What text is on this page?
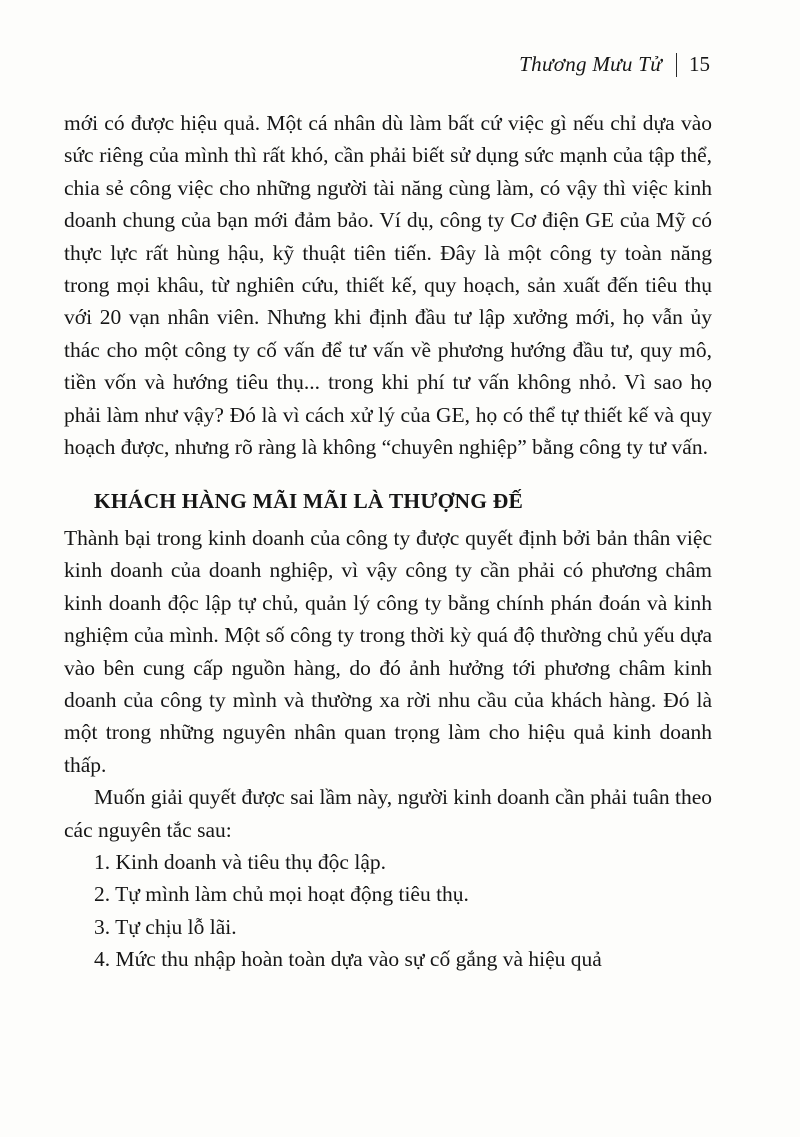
Thương Mưu Tử 15

mới có được hiệu quả. Một cá nhân dù làm bất cứ việc gì nếu chỉ dựa vào sức riêng của mình thì rất khó, cần phải biết sử dụng sức mạnh của tập thể, chia sẻ công việc cho những người tài năng cùng làm, có vậy thì việc kinh doanh chung của bạn mới đảm bảo. Ví dụ, công ty Cơ điện GE của Mỹ có thực lực rất hùng hậu, kỹ thuật tiên tiến. Đây là một công ty toàn năng trong mọi khâu, từ nghiên cứu, thiết kế, quy hoạch, sản xuất đến tiêu thụ với 20 vạn nhân viên. Nhưng khi định đầu tư lập xưởng mới, họ vẫn ủy thác cho một công ty cố vấn để tư vấn về phương hướng đầu tư, quy mô, tiền vốn và hướng tiêu thụ... trong khi phí tư vấn không nhỏ. Vì sao họ phải làm như vậy? Đó là vì cách xử lý của GE, họ có thể tự thiết kế và quy hoạch được, nhưng rõ ràng là không “chuyên nghiệp” bằng công ty tư vấn.

KHÁCH HÀNG MÃI MÃI LÀ THƯỢNG ĐẾ

Thành bại trong kinh doanh của công ty được quyết định bởi bản thân việc kinh doanh của doanh nghiệp, vì vậy công ty cần phải có phương châm kinh doanh độc lập tự chủ, quản lý công ty bằng chính phán đoán và kinh nghiệm của mình. Một số công ty trong thời kỳ quá độ thường chủ yếu dựa vào bên cung cấp nguồn hàng, do đó ảnh hưởng tới phương châm kinh doanh của công ty mình và thường xa rời nhu cầu của khách hàng. Đó là một trong những nguyên nhân quan trọng làm cho hiệu quả kinh doanh thấp.

Muốn giải quyết được sai lầm này, người kinh doanh cần phải tuân theo các nguyên tắc sau:

1. Kinh doanh và tiêu thụ độc lập.
2. Tự mình làm chủ mọi hoạt động tiêu thụ.
3. Tự chịu lỗ lãi.
4. Mức thu nhập hoàn toàn dựa vào sự cố gắng và hiệu quả
